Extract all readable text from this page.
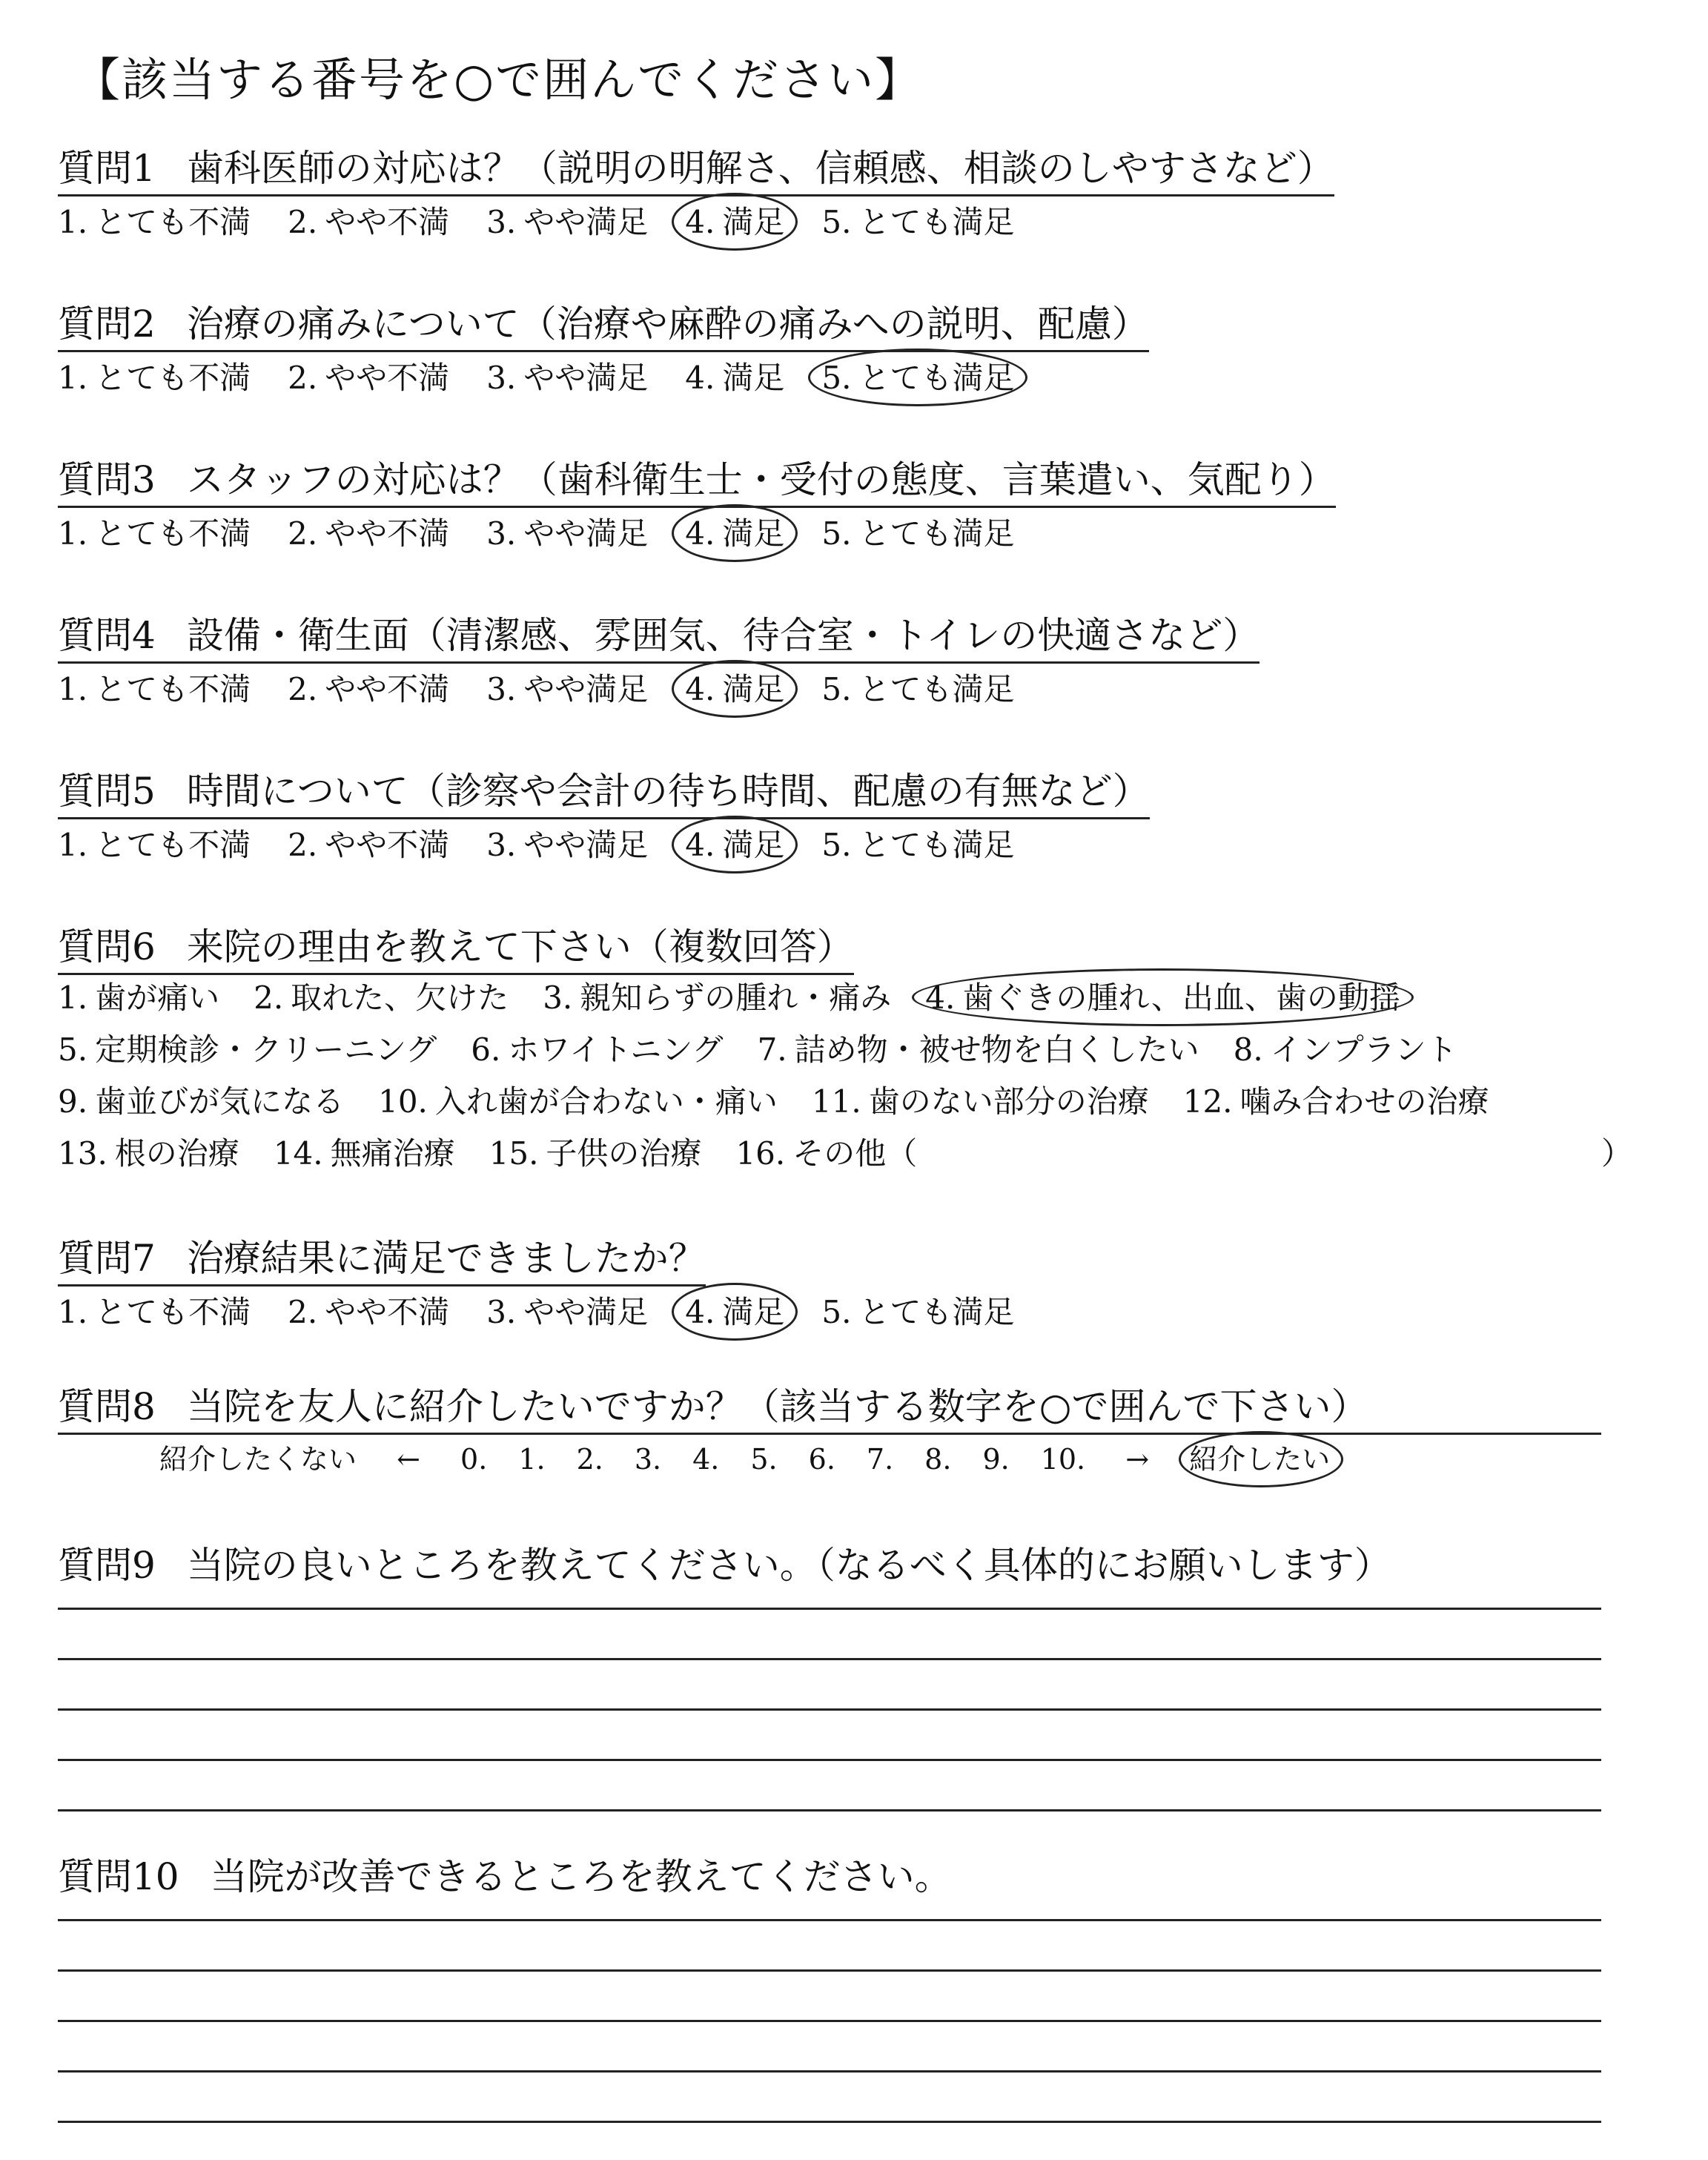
【該当する番号を○で囲んでください】
質問1 歯科医師の対応は？（説明の明解さ、信頼感、相談のしやすさなど）
1. とても不満 2. やや不満 3. やや満足 4. 満足 5. とても満足
質問2 治療の痛みについて（治療や麻酔の痛みへの説明、配慮）
1. とても不満 2. やや不満 3. やや満足 4. 満足 5. とても満足
質問3 スタッフの対応は？（歯科衛生士・受付の態度、言葉遣い、気配り）
1. とても不満 2. やや不満 3. やや満足 4. 満足 5. とても満足
質問4 設備・衛生面（清潔感、雰囲気、待合室・トイレの快適さなど）
1. とても不満 2. やや不満 3. やや満足 4. 満足 5. とても満足
質問5 時間について（診察や会計の待ち時間、配慮の有無など）
1. とても不満 2. やや不満 3. やや満足 4. 満足 5. とても満足
質問6 来院の理由を教えて下さい（複数回答）
1. 歯が痛い 2. 取れた、欠けた 3. 親知らずの腫れ・痛み 4. 歯ぐきの腫れ、出血、歯の動揺
5. 定期検診・クリーニング 6. ホワイトニング 7. 詰め物・被せ物を白くしたい 8. インプラント
9. 歯並びが気になる 10. 入れ歯が合わない・痛い 11. 歯のない部分の治療 12. 噛み合わせの治療
13. 根の治療 14. 無痛治療 15. 子供の治療 16. その他（	）
質問7 治療結果に満足できましたか？
1. とても不満 2. やや不満 3. やや満足 4. 満足 5. とても満足
質問8 当院を友人に紹介したいですか？（該当する数字を○で囲んで下さい）
紹介したくない ← 0. 1. 2. 3. 4. 5. 6. 7. 8. 9. 10. → 紹介したい
質問9 当院の良いところを教えてください。（なるべく具体的にお願いします）
質問10 当院が改善できるところを教えてください。
